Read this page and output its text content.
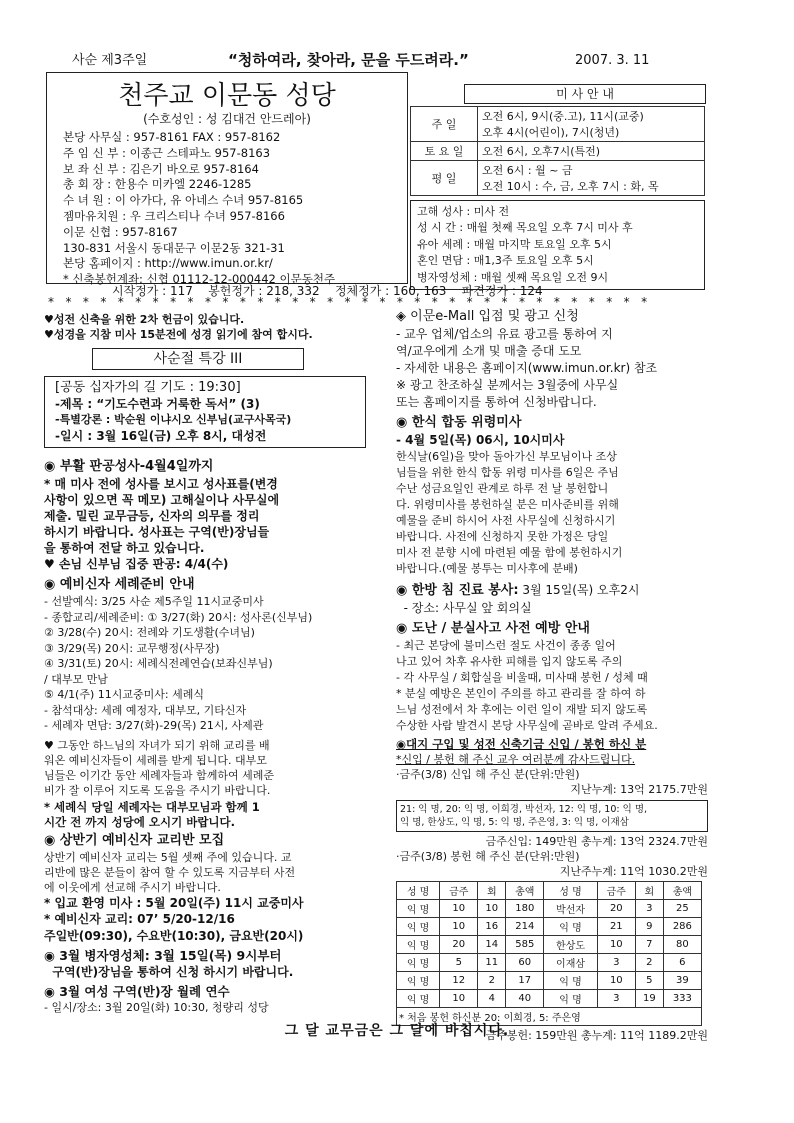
사순 제3주일	“청하여라, 찾아라, 문을 두드려라.”	2007. 3. 11
천주교 이문동 성당
(수호성인 : 성 김대건 안드레아)
본당 사무실 : 957-8161 FAX : 957-8162
주 임 신 부 : 이종근 스테파노 957-8163
보 좌 신 부 : 김은기 바오로 957-8164
총 회 장 : 한용수 미카엘 2246-1285
수 녀 원 : 이 아가다, 유 아네스 수녀 957-8165
젬마유치원 : 우 크리스티나 수녀 957-8166
이문 신협 : 957-8167
130-831 서울시 동대문구 이문2동 321-31
본당 홈페이지 : http://www.imun.or.kr/
* 신축봉헌계좌: 신협 01112-12-000442 이문동천주
미 사 안 내
주 일	오전 6시, 9시(중.고), 11시(교중)
오후 4시(어린이), 7시(청년)

토 요 일	오전 6시, 오후7시(특전)

평 일	오전 6시 : 월 ~ 금
오전 10시 : 수, 금, 오후 7시 : 화, 목
고해 성사 : 미사 전
성 시 간 : 매월 첫째 목요일 오후 7시 미사 후
유아 세례 : 매월 마지막 토요일 오후 5시
혼인 면담 : 매1,3주 토요일 오후 5시
병자영성체 : 매월 셋째 목요일 오전 9시
시작정가 : 117    봉헌정가 : 218, 332    정체정가 : 160, 163    파견정가 : 124
*   *   *   *   *   *   *   *   *   *   *   *   *   *   *   *   *   *   *   *   *   *   *   *   *   *   *   *   *   *   *   *   *   *   *
♥성전 신축을 위한 2차 헌금이 있습니다.
♥성경을 지참 미사 15분전에 성경 읽기에 참여 합시다.
사순절 특강 III
[공동 십자가의 길 기도 : 19:30]
-제목 : “기도수련과 거룩한 독서” (3)
-특별강론 : 박순원 이냐시오 신부님(교구사목국)
-일시 : 3월 16일(금) 오후 8시, 대성전
◉ 부활 판공성사-4월4일까지
* 매 미사 전에 성사를 보시고 성사표를(변경
사항이 있으면 꼭 메모) 고해실이나 사무실에
제출. 밀린 교무금등, 신자의 의무를 정리
하시기 바랍니다. 성사표는 구역(반)장님들
을 통하여 전달 하고 있습니다.
♥ 손님 신부님 집중 판공: 4/4(수)
◉ 예비신자 세례준비 안내
- 선발예식: 3/25 사순 제5주일 11시교중미사
- 종합교리/세례준비: ① 3/27(화) 20시: 성사론(신부님)
② 3/28(수) 20시: 전례와 기도생활(수녀님)
③ 3/29(목) 20시: 교무행정(사무장)
④ 3/31(토) 20시: 세례식전례연습(보좌신부님)
/ 대부모 만남
⑤ 4/1(주) 11시교중미사: 세례식
- 참석대상: 세례 예정자, 대부모, 기타신자
- 세례자 면담: 3/27(화)-29(목) 21시, 사제관
♥ 그동안 하느님의 자녀가 되기 위해 교리를 배
워온 예비신자들이 세례를 받게 됩니다. 대부모
님들은 이기간 동안 세례자들과 함께하여 세례준
비가 잘 이루어 지도록 도움을 주시기 바랍니다.
* 세례식 당일 세례자는 대부모님과 함께 1
시간 전 까지 성당에 오시기 바랍니다.
◉ 상반기 예비신자 교리반 모집
상반기 예비신자 교리는 5월 셋째 주에 있습니다. 교
리반에 많은 분들이 참여 할 수 있도록 지금부터 사전
에 이웃에게 선교해 주시기 바랍니다.
* 입교 환영 미사 : 5월 20일(주) 11시 교중미사
* 예비신자 교리: 07’ 5/20-12/16
주일반(09:30), 수요반(10:30), 금요반(20시)
◉ 3월 병자영성체: 3월 15일(목) 9시부터
구역(반)장님을 통하여 신청 하시기 바랍니다.
◉ 3월 여성 구역(반)장 월례 연수
- 일시/장소: 3월 20일(화) 10:30, 청량리 성당
◈ 이문e-Mall 입점 및 광고 신청
- 교우 업체/업소의 유료 광고를 통하여 지
역/교우에게 소개 및 매출 증대 도모
- 자세한 내용은 홈페이지(www.imun.or.kr) 참조
※ 광고 찬조하실 분께서는 3월중에 사무실
또는 홈페이지를 통하여 신청바랍니다.
◉ 한식 합동 위령미사
- 4월 5일(목) 06시, 10시미사
한식날(6일)을 맞아 돌아가신 부모님이나 조상
님들을 위한 한식 합동 위령 미사를 6일은 주님
수난 성금요일인 관계로 하루 전 날 봉헌합니
다. 위령미사를 봉헌하실 분은 미사준비를 위해
예물을 준비 하시어 사전 사무실에 신청하시기
바랍니다. 사전에 신청하지 못한 가정은 당일
미사 전 분향 시에 마련된 예물 함에 봉헌하시기
바랍니다.(예물 봉투는 미사후에 분배)
◉ 한방 침 진료 봉사: 3월 15일(목) 오후2시
- 장소: 사무실 앞 회의실
◉ 도난 / 분실사고 사전 예방 안내
- 최근 본당에 불미스런 절도 사건이 종종 일어
나고 있어 차후 유사한 피해를 입지 않도록 주의
- 각 사무실 / 회합실을 비울때, 미사때 봉헌 / 성체 때
* 분실 예방은 본인이 주의를 하고 관리를 잘 하여 하
느님 성전에서 차 후에는 이런 일이 재발 되지 않도록
수상한 사람 발견시 본당 사무실에 곧바로 알려 주세요.
◉대지 구입 및 성전 신축기금 신입 / 봉헌 하신 분
*신입 / 봉헌 해 주신 교우 여러분께 감사드립니다.
·금주(3/8) 신입 해 주신 분(단위:만원)
지난누계: 13억 2175.7만원
21: 익 명, 20: 익 명, 이희경, 박선자, 12: 익 명, 10: 익 명,
익 명, 한상도, 익 명, 5: 익 명, 주은영, 3: 익 명, 이재삼
금주신입: 149만원 총누계: 13억 2324.7만원
·금주(3/8) 봉헌 해 주신 분(단위:만원)
지난주누계: 11억 1030.2만원
성 명	금주	회	총액	성 명	금주	회	총액
익 명	10	10	180	박선자	20	3	25
익 명	10	16	214	익 명	21	9	286
익 명	20	14	585	한상도	10	7	80
익 명	5	11	60	이재삼	3	2	6
익 명	12	2	17	익 명	10	5	39
익 명	10	4	40	익 명	3	19	333
* 처음 봉헌 하신분 20: 이희경, 5: 주은영							
금주봉헌: 159만원 총누계: 11억 1189.2만원
그 달 교무금은 그 달에 바칩시다.
